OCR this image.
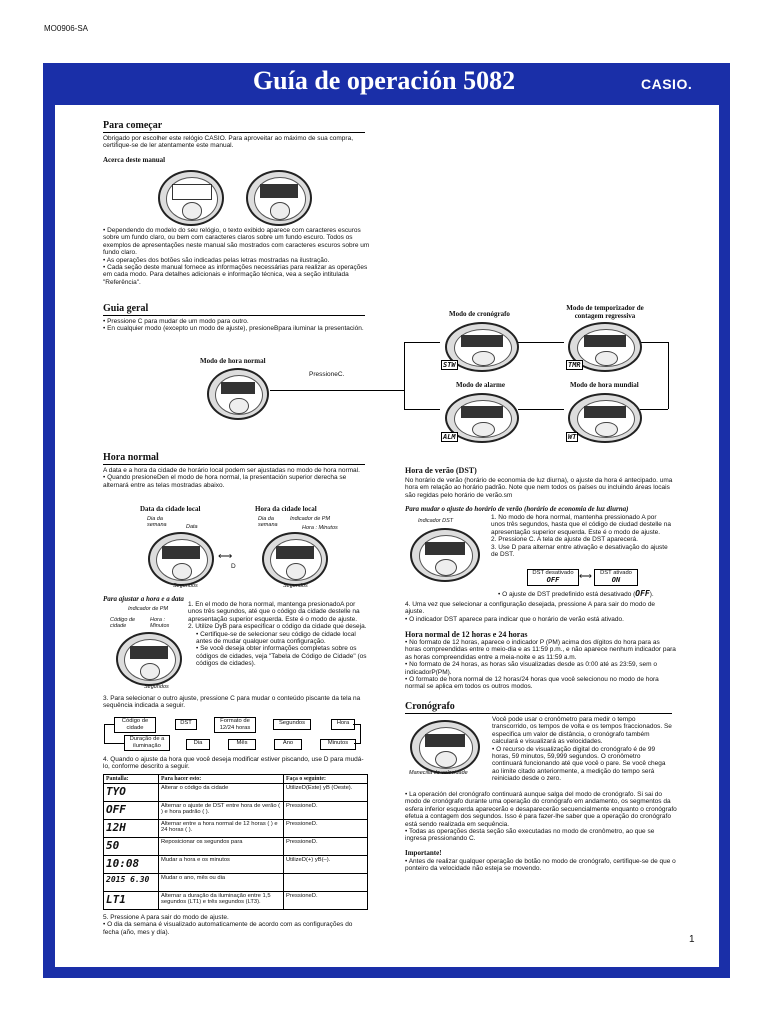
MO0906-SA
Guía de operación 5082	CASIO.
Para começar
Obrigado por escolher este relógio CASIO. Para aproveitar ao máximo de sua compra, certifique-se de ler atentamente este manual.
Acerca deste manual

• Dependendo do modelo do seu relógio, o texto exibido aparece com caracteres escuros sobre um fundo claro, ou bem com caracteres claros sobre um fundo escuro. Todos os exemplos de apresentações neste manual são mostrados com caracteres escuros sobre um fundo claro.

• As operações dos botões são indicadas pelas letras mostradas na ilustração.

• Cada seção deste manual fornece as informações necessárias para realizar as operações em cada modo. Para detalhes adicionais e informação técnica, vea a seção intitulada "Referência".

Guia geral

• Pressione C para mudar de um modo para outro.

• En cualquier modo (excepto un modo de ajuste), presioneBpara iluminar la presentación.

Modo de hora normal
PressioneC.
Modo de cronógrafo
STW
Modo de temporizador de contagem regressiva
TMR
Modo de alarme
ALM
Modo de hora mundial
WT
Hora normal

A data e a hora da cidade de horário local podem ser ajustadas no modo de hora normal.

• Quando presioneDen el modo de hora normal, la presentación superior derecha se alternará entre as telas mostradas abaixo.

Data da cidade local	Hora da cidade local
Dia da semana	Data
Dia da semana
Indicador de PM
Hora : Minutos
⟷
D
Segundos	Segundos
Para ajustar a hora e a data
Indicador de PM
Código de cidade
Hora : Minutos
Segundos

1. En el modo de hora normal, mantenga presionadoA por unos três segundos, até que o código da cidade destelle na apresentação superior esquerda. Este é o modo de ajuste.

2. Utilize DyB para especificar o código da cidade que deseja.

• Certifique-se de selecionar seu código de cidade local antes de mudar qualquer outra configuração.

• Se você deseja obter informações completas sobre os códigos de cidades, veja "Tabela de Código de Cidade" (os códigos de cidades).

3. Para selecionar o outro ajuste, pressione C para mudar o conteúdo piscante da tela na sequência indicada a seguir.
Código de cidade
DST	Formato de 12/24 horas
Segundos	Hora
Minutos
Ano
Mês
Dia
Duração de a iluminação
4. Quando o ajuste da hora que você deseja modificar estiver piscando, use D para mudá-lo, conforme descrito a seguir.
Pantalla:	Para hacer esto:	Faça o seguinte:
TYO	Alterar o código da cidade	UtilizeD(Este) yB (Oeste).
OFF	Alternar o ajuste de DST entre hora de verão ( ) e hora padrão ( ).	PressioneD.
12H	Alternar entre a hora normal de 12 horas ( ) e 24 horas ( ).	PressioneD.
50	Reposicionar os segundos para	PressioneD.
10:08	Mudar a hora e os minutos	UtilizeD(+) yB(–).
2015 6.30	Mudar o ano, mês ou dia	
LT1	Alternar a duração da iluminação entre 1,5 segundos (LT1) e três segundos (LT3).	PressioneD.

5. Pressione A para sair do modo de ajuste.

• O dia da semana é visualizado automaticamente de acordo com as configurações do fecha (año, mes y día).

Hora de verão (DST)
No horário de verão (horário de economia de luz diurna), o ajuste da hora é antecipado. uma hora em relação ao horário padrão. Note que nem todos os países ou incluindo áreas locais são regidas pelo horário de verão.sm
Para mudar o ajuste do horário de verão (horário de economia de luz diurna)
Indicador DST	1. No modo de hora normal, mantenha pressionado A por unos três segundos, hasta que el código de ciudad destelle na apresentação superior esquerda. Este é o modo de ajuste.

2. Pressione C. A tela de ajuste de DST aparecerá.

3. Use D para alternar entre ativação e desativação do ajuste de DST.

DST desativado
OFF
DST ativado
ON
⟷
• O ajuste de DST predefinido está desativado (OFF).

4. Uma vez que selecionar a configuração desejada, pressione A para sair do modo de ajuste.

• O indicador DST aparece para indicar que o horário de verão está ativado.

Hora normal de 12 horas e 24 horas

• No formato de 12 horas, aparece o indicador P (PM) acima dos dígitos do hora para as horas compreendidas entre o meio-dia e as 11:59 p.m., e não aparece nenhum indicador para as horas compreendidas entre a meia-noite e as 11:59 a.m.

• No formato de 24 horas, as horas são visualizadas desde as 0:00 até as 23:59, sem o indicadorP(PM).

• O formato de hora normal de 12 horas/24 horas que você selecionou no modo de hora normal se aplica em todos os outros modos.

Cronógrafo
Manecilla de velocidade

Você pode usar o cronômetro para medir o tempo transcorrido, os tempos de volta e os tempos fraccionados. Se especifica um valor de distância, o cronógrafo também calculará e visualizará as velocidades.

• O recurso de visualização digital do cronógrafo é de 99 horas, 59 minutos, 59,999 segundos. O cronômetro continuará funcionando até que você o pare. Se você chega ao limite citado anteriormente, a medição do tempo será reiniciado desde o zero.

• La operación del cronógrafo continuará aunque salga del modo de cronógrafo. Si sai do modo de cronógrafo durante uma operação do cronógrafo em andamento, os segmentos da esfera inferior esquerda aparecerão e desaparecerão secuencialmente enquanto o cronógrafo efetua a contagem dos segundos. Isso é para fazer-lhe saber que a operação do cronógrafo está sendo realizada em sequência.

• Todas as operações desta seção são executadas no modo de cronômetro, ao que se ingresa pressionando C.

Importante!
• Antes de realizar qualquer operação de botão no modo de cronógrafo, certifique-se de que o ponteiro da velocidade não esteja se movendo.
1
